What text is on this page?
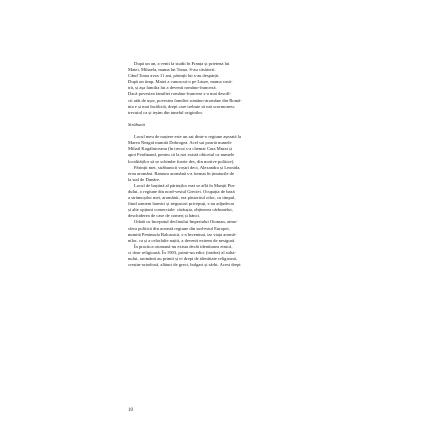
După un an, a venit la studii în Franța și prietena lui
Matei, Mihaela, mama lui Toma. S-au căsătorit.
Când Toma avea 11 ani, părinții lui s-au despărțit.
După un timp, Matei a cunoscut-o pe Laure, mama vasă-
tră, și așa familia lui a devenit româno-franceză.
Dacă povestea familiei româno-franceze s-a mai descâl-
cit atât de ușor, povestea familiei româno-aromâne din Romă-
nia e și mai încâlcită, drept care trebuie să mă scormonesc
trecutul ca și ieșim din tunelul originilor.
Străbunii
Locul meu de naștere este un sat dintr-o regiune așezată la
Marea Neagră numită Dobrogea. Acel sat poartă numele
Mihail Kogălniceanu (în trecut s-a chemat Cara Murat și
apoi Ferdinand, pentru că la noi există obiceiul ca numele
localităților să se schimbe foarte des, din motive politice).
Părinții mei, străbunicii voștri deci, Alexandra și Leonida,
erau aromâni. Ramura aromână s-a format în ținuturile de
la sud de Dunăre.
Locul de baștină al părinților mei se află în Munții Pin-
dului, o regiune din nord-vestul Greciei. Ocupația de bază
a strămoșilor mei, aromânii, era păstoritul oilor, cu timpul,
fiind oameni harnici și negustori pricepuți, s-au adjudecat
și alte opțiuni comerciale: cărăușia, obținerea cărbunelui,
deschiderea de case de comerț și bănci.
Odată cu începutul declinului Imperiului Otoman, atmo-
sfera politică din această regiune din sud-estul Europei,
numită Peninsula Balcanică, s-a înveninat, iar viața aromâ-
nilor, ca și a celorlalte națiii, a devenit extrem de nesigură.
În practica otomană nu exista decât identitatea etnică,
ci doar religioasă. În 1903, printr-un edict (iradea) al sulta-
nului, aromânii au primit și ei drept de identitate religioasă,
creștin-ortodoxă, alături de greci, bulgari și sârbi. Acest drept
10
